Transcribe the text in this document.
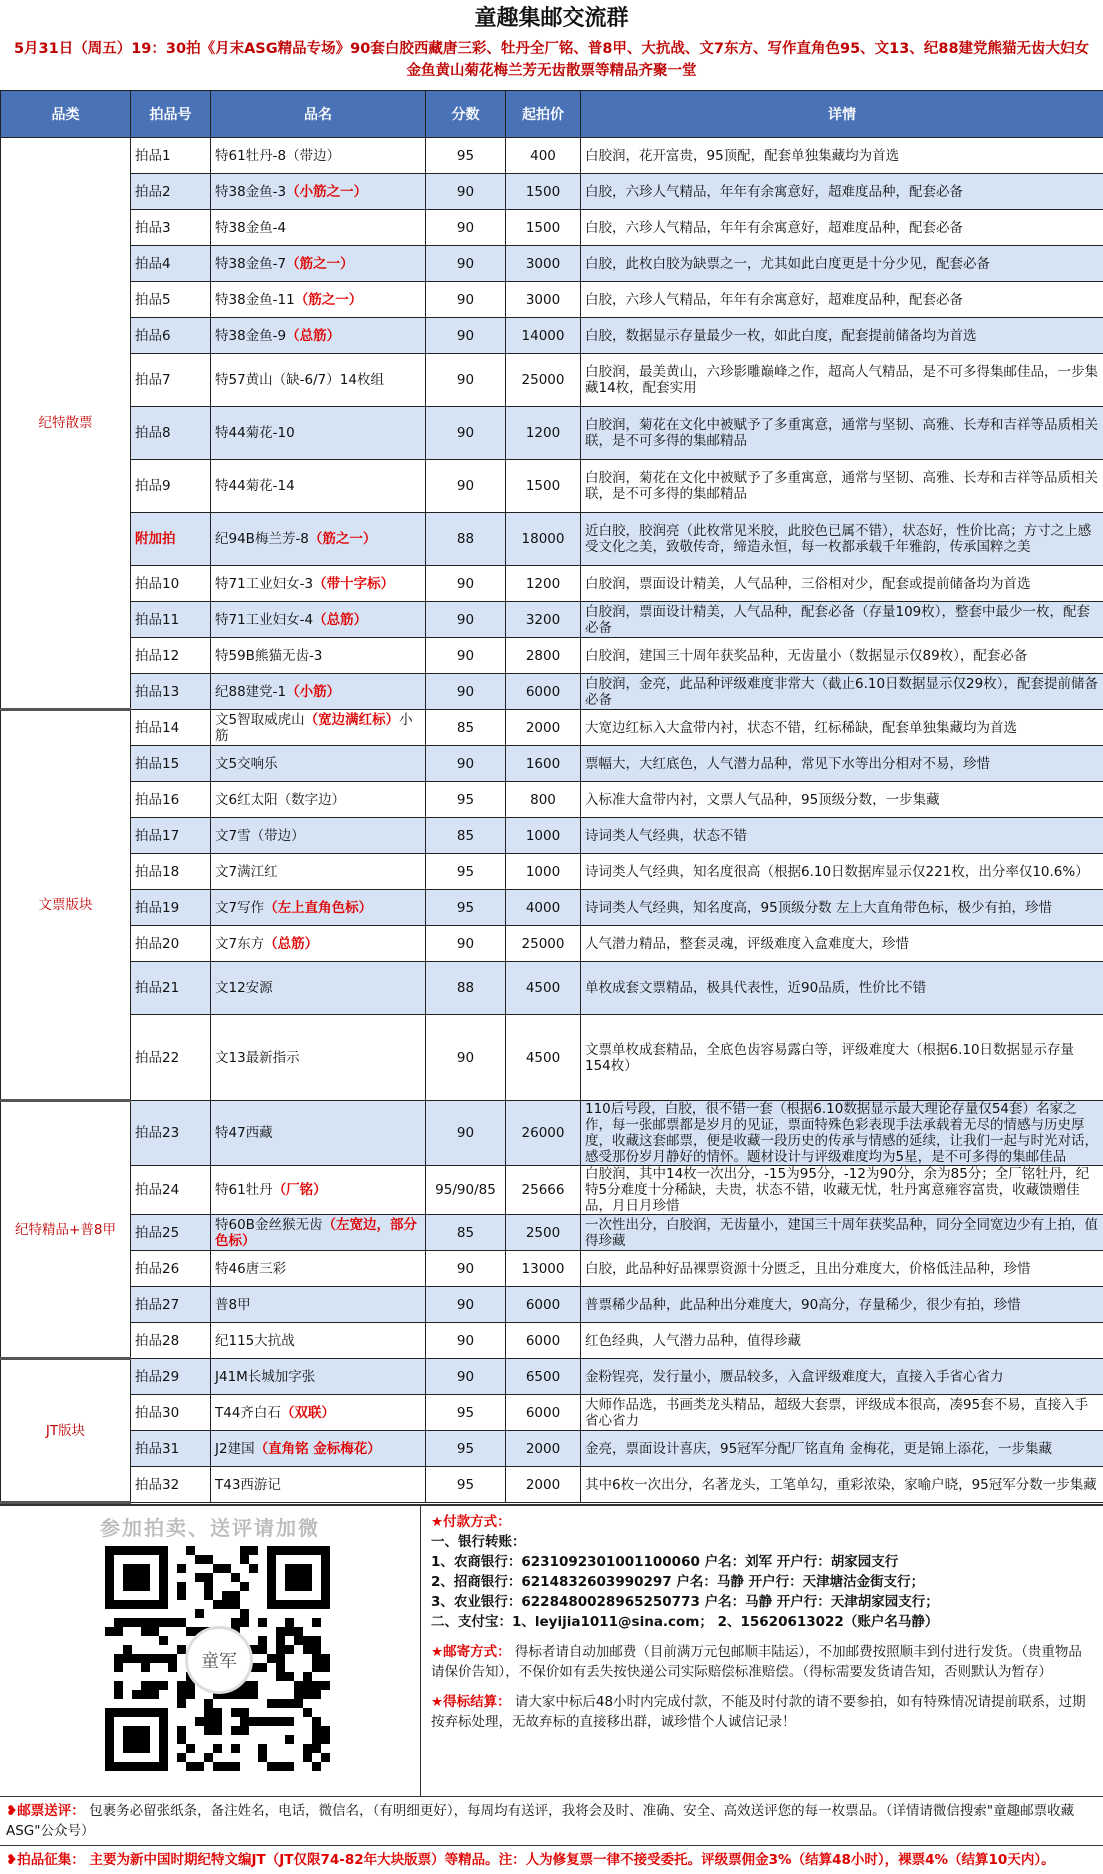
童趣集邮交流群
5月31日（周五）19：30拍《月末ASG精品专场》90套白胶西藏唐三彩、牡丹全厂铭、普8甲、大抗战、文7东方、写作直角色95、文13、纪88建党熊猫无齿大妇女金鱼黄山菊花梅兰芳无齿散票等精品齐聚一堂
品类	拍品号	品名	分数	起拍价	详情
纪特散票	拍品1	特61牡丹-8（带边）	95	400	白胶润，花开富贵，95顶配，配套单独集藏均为首选
	拍品2	特38金鱼-3（小筋之一）	90	1500	白胶，六珍人气精品，年年有余寓意好，超难度品种，配套必备
	拍品3	特38金鱼-4	90	1500	白胶，六珍人气精品，年年有余寓意好，超难度品种，配套必备
	拍品4	特38金鱼-7（筋之一）	90	3000	白胶，此枚白胶为缺票之一，尤其如此白度更是十分少见，配套必备
	拍品5	特38金鱼-11（筋之一）	90	3000	白胶，六珍人气精品，年年有余寓意好，超难度品种，配套必备
	拍品6	特38金鱼-9（总筋）	90	14000	白胶，数据显示存量最少一枚，如此白度，配套提前储备均为首选
	拍品7	特57黄山（缺-6/7）14枚组	90	25000	白胶润，最美黄山，六珍影雕巅峰之作，超高人气精品，是不可多得集邮佳品，一步集藏14枚，配套实用
	拍品8	特44菊花-10	90	1200	白胶润，菊花在文化中被赋予了多重寓意，通常与坚韧、高雅、长寿和吉祥等品质相关联，是不可多得的集邮精品
	拍品9	特44菊花-14	90	1500	白胶润，菊花在文化中被赋予了多重寓意，通常与坚韧、高雅、长寿和吉祥等品质相关联，是不可多得的集邮精品
	附加拍	纪94B梅兰芳-8（筋之一）	88	18000	近白胶，胶润亮（此枚常见米胶，此胶色已属不错），状态好，性价比高；方寸之上感受文化之美，致敬传奇，缔造永恒，每一枚都承载千年雅韵，传承国粹之美
	拍品10	特71工业妇女-3（带十字标）	90	1200	白胶润，票面设计精美，人气品种，三俗相对少，配套或提前储备均为首选
	拍品11	特71工业妇女-4（总筋）	90	3200	白胶润，票面设计精美，人气品种，配套必备（存量109枚），整套中最少一枚，配套必备
	拍品12	特59B熊猫无齿-3	90	2800	白胶润，建国三十周年获奖品种，无齿量小（数据显示仅89枚），配套必备
	拍品13	纪88建党-1（小筋）	90	6000	白胶润，金亮，此品种评级难度非常大（截止6.10日数据显示仅29枚），配套提前储备必备
文票版块	拍品14	文5智取威虎山（宽边满红标）小筋	85	2000	大宽边红标入大盒带内衬，状态不错，红标稀缺，配套单独集藏均为首选
	拍品15	文5交响乐	90	1600	票幅大，大红底色，人气潜力品种，常见下水等出分相对不易，珍惜
	拍品16	文6红太阳（数字边）	95	800	入标准大盒带内衬，文票人气品种，95顶级分数，一步集藏
	拍品17	文7雪（带边）	85	1000	诗词类人气经典，状态不错
	拍品18	文7满江红	95	1000	诗词类人气经典，知名度很高（根据6.10日数据库显示仅221枚，出分率仅10.6%）
	拍品19	文7写作（左上直角色标）	95	4000	诗词类人气经典，知名度高，95顶级分数 左上大直角带色标，极少有拍，珍惜
	拍品20	文7东方（总筋）	90	25000	人气潜力精品，整套灵魂，评级难度入盒难度大，珍惜
	拍品21	文12安源	88	4500	单枚成套文票精品，极具代表性，近90品质，性价比不错
	拍品22	文13最新指示	90	4500	文票单枚成套精品，全底色齿容易露白等，评级难度大（根据6.10日数据显示存量154枚）
纪特精品+普8甲	拍品23	特47西藏	90	26000	110后号段，白胶，很不错一套（根据6.10数据显示最大理论存量仅54套）名家之作，每一张邮票都是岁月的见证，票面特殊色彩表现手法承载着无尽的情感与历史厚度，收藏这套邮票，便是收藏一段历史的传承与情感的延续，让我们一起与时光对话，感受那份岁月静好的情怀。题材设计与评级难度均为5星，是不可多得的集邮佳品
	拍品24	特61牡丹（厂铭）	95/90/85	25666	白胶润，其中14枚一次出分，-15为95分，-12为90分，余为85分；全厂铭牡丹，纪特5分难度十分稀缺，夫贵，状态不错，收藏无忧，牡丹寓意雍容富贵，收藏馈赠佳品，月日月珍惜
	拍品25	特60B金丝猴无齿（左宽边，部分色标）	85	2500	一次性出分，白胶润，无齿量小，建国三十周年获奖品种，同分全同宽边少有上拍，值得珍藏
	拍品26	特46唐三彩	90	13000	白胶，此品种好品裸票资源十分匮乏，且出分难度大，价格低洼品种，珍惜
	拍品27	普8甲	90	6000	普票稀少品种，此品种出分难度大，90高分，存量稀少，很少有拍，珍惜
	拍品28	纪115大抗战	90	6000	红色经典，人气潜力品种，值得珍藏
JT版块	拍品29	J41M长城加字张	90	6500	金粉锃亮，发行量小，赝品较多，入盒评级难度大，直接入手省心省力
	拍品30	T44齐白石（双联）	95	6000	大师作品选，书画类龙头精品，超级大套票，评级成本很高，凑95套不易，直接入手省心省力
	拍品31	J2建国（直角铭 金标梅花）	95	2000	金亮，票面设计喜庆，95冠军分配厂铭直角 金梅花，更是锦上添花，一步集藏
	拍品32	T43西游记	95	2000	其中6枚一次出分，名著龙头，工笔单勾，重彩浓染，家喻户晓，95冠军分数一步集藏
参加拍卖、送评请加微
童军
★付款方式：
一、银行转账：
1、农商银行：6231092301001100060 户名：刘军 开户行：胡家园支行
2、招商银行：6214832603990297 户名：马静 开户行：天津塘沽金街支行；
3、农业银行：6228480028965250773 户名：马静 开户行：天津胡家园支行；
二、支付宝：1、leyijia1011@sina.com； 2、15620613022（账户名马静）
★邮寄方式： 得标者请自动加邮费（目前满万元包邮顺丰陆运），不加邮费按照顺丰到付进行发货。（贵重物品请保价告知），不保价如有丢失按快递公司实际赔偿标准赔偿。（得标需要发货请告知，否则默认为暂存）
★得标结算： 请大家中标后48小时内完成付款，不能及时付款的请不要参拍，如有特殊情况请提前联系，过期按弃标处理，无故弃标的直接移出群，诚珍惜个人诚信记录！
❥邮票送评： 包裹务必留张纸条，备注姓名，电话，微信名，（有明细更好），每周均有送评，我将会及时、准确、安全、高效送评您的每一枚票品。（详情请微信搜索"童趣邮票收藏ASG"公众号）
❥拍品征集： 主要为新中国时期纪特文编JT（JT仅限74-82年大块版票）等精品。注：人为修复票一律不接受委托。评级票佣金3%（结算48小时），裸票4%（结算10天内）。
